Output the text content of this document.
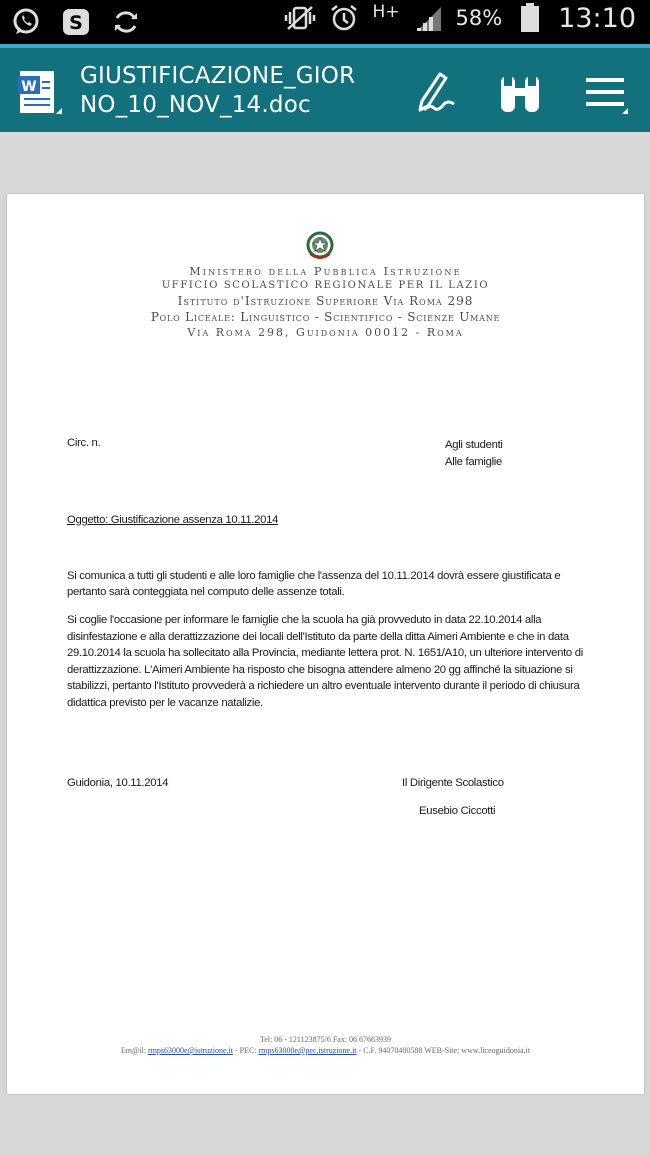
S	H+	58% 13:10
W GIUSTIFICAZIONE_GIOR
NO_10_NOV_14.doc
Ministero della Pubblica Istruzione
UFFICIO SCOLASTICO REGIONALE PER IL LAZIO
Istituto d'Istruzione Superiore Via Roma 298
Polo Liceale: Linguistico - Scientifico - Scienze Umane
Via Roma 298, Guidonia 00012 - Roma
Circ. n.	Agli studenti
Alle famiglie
Oggetto: Giustificazione assenza 10.11.2014
Si comunica a tutti gli studenti e alle loro famiglie che l'assenza del 10.11.2014 dovrà essere giustificata e pertanto sarà conteggiata nel computo delle assenze totali.
Si coglie l'occasione per informare le famiglie che la scuola ha già provveduto in data 22.10.2014 alla disinfestazione e alla derattizzazione dei locali dell'Istituto da parte della ditta Aimeri Ambiente e che in data 29.10.2014 la scuola ha sollecitato alla Provincia, mediante lettera prot. N. 1651/A10, un ulteriore intervento di derattizzazione. L'Aimeri Ambiente ha risposto che bisogna attendere almeno 20 gg affinché la situazione si stabilizzi, pertanto l'Istituto provvederà a richiedere un altro eventuale intervento durante il periodo di chiusura didattica previsto per le vacanze natalizie.
Guidonia, 10.11.2014	Il Dirigente Scolastico
Eusebio Ciccotti
Tel: 06 - 121123875/6 Fax: 06 67663939
Em@il: rmps63000e@istruzione.it - PEC: rmps63000e@pec.istruzione.it - C.F. 94070400588 WEB-Site: www.liceoguidonia.it
